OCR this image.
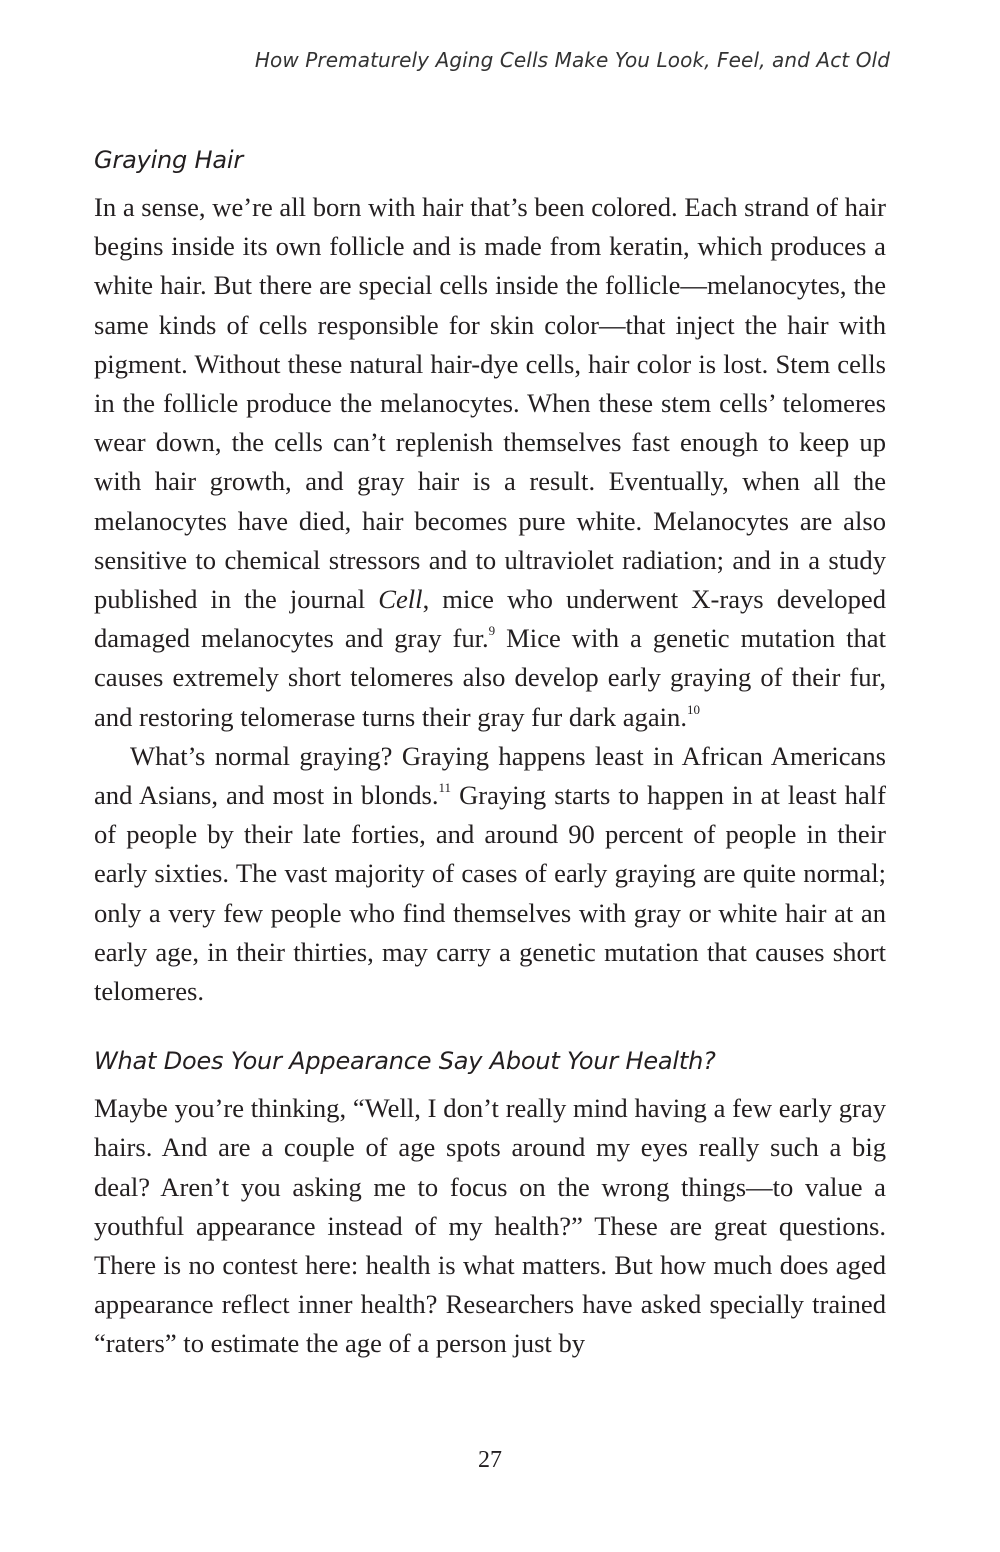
How Prematurely Aging Cells Make You Look, Feel, and Act Old
Graying Hair

In a sense, we’re all born with hair that’s been colored. Each strand of hair begins inside its own follicle and is made from keratin, which produces a white hair. But there are special cells inside the follicle—melanocytes, the same kinds of cells responsible for skin color—that inject the hair with pigment. Without these natural hair-dye cells, hair color is lost. Stem cells in the follicle produce the melanocytes. When these stem cells’ telomeres wear down, the cells can’t replenish themselves fast enough to keep up with hair growth, and gray hair is a result. Eventually, when all the melanocytes have died, hair becomes pure white. Melanocytes are also sensitive to chemical stressors and to ultraviolet radiation; and in a study published in the journal Cell, mice who underwent X-rays developed damaged melanocytes and gray fur.$^9$ Mice with a genetic mutation that causes extremely short telomeres also develop early graying of their fur, and restoring telomerase turns their gray fur dark again.$^{10}$

What’s normal graying? Graying happens least in African Americans and Asians, and most in blonds.$^{11}$ Graying starts to happen in at least half of people by their late forties, and around 90 percent of people in their early sixties. The vast majority of cases of early graying are quite normal; only a very few people who find themselves with gray or white hair at an early age, in their thirties, may carry a genetic mutation that causes short telomeres.

What Does Your Appearance Say About Your Health?

Maybe you’re thinking, “Well, I don’t really mind having a few early gray hairs. And are a couple of age spots around my eyes really such a big deal? Aren’t you asking me to focus on the wrong things—to value a youthful appearance instead of my health?” These are great questions. There is no contest here: health is what matters. But how much does aged appearance reflect inner health? Researchers have asked specially trained “raters” to estimate the age of a person just by

27
